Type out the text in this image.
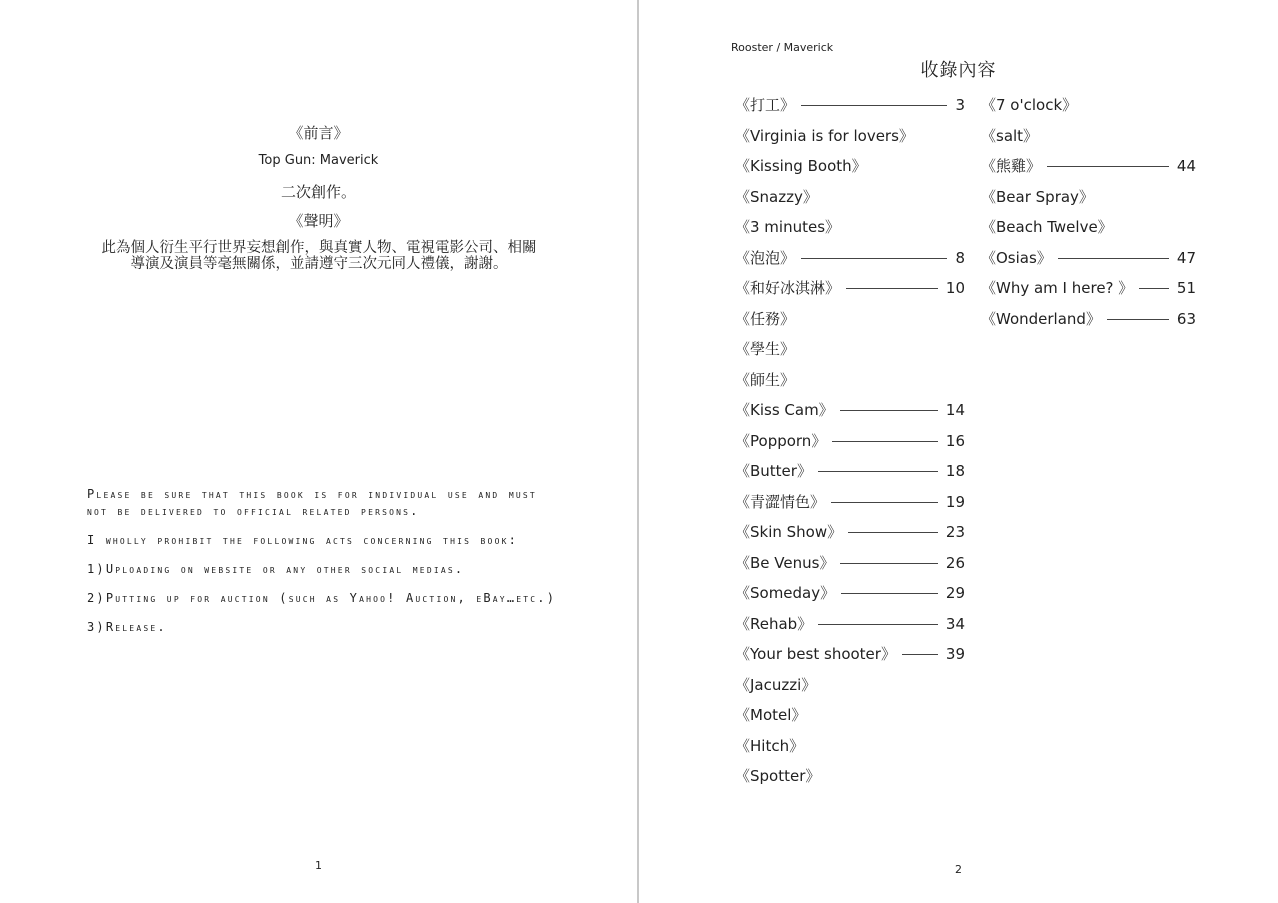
《前言》
Top Gun: Maverick
二次創作。
《聲明》
此為個人衍生平行世界妄想創作，與真實人物、電視電影公司、相關
導演及演員等毫無關係，並請遵守三次元同人禮儀，謝謝。

Please be sure that this book is for individual use and must not be delivered to official related persons.

I wholly prohibit the following acts concerning this book:

1)Uploading on website or any other social medias.

2)Putting up for auction (such as Yahoo! Auction, eBay…etc.)

3)Release.

1
Rooster / Maverick
收錄內容
《打工》	3
《Virginia is for lovers》
《Kissing Booth》
《Snazzy》
《3 minutes》
《泡泡》	8
《和好冰淇淋》	10
《任務》
《學生》
《師生》
《Kiss Cam》	14
《Popporn》	16
《Butter》	18
《青澀情色》	19
《Skin Show》	23
《Be Venus》	26
《Someday》	29
《Rehab》	34
《Your best shooter》	39
《Jacuzzi》
《Motel》
《Hitch》
《Spotter》
《7 o'clock》
《salt》
《熊雞》	44
《Bear Spray》
《Beach Twelve》
《Osias》	47
《Why am I here? 》	51
《Wonderland》	63
2
